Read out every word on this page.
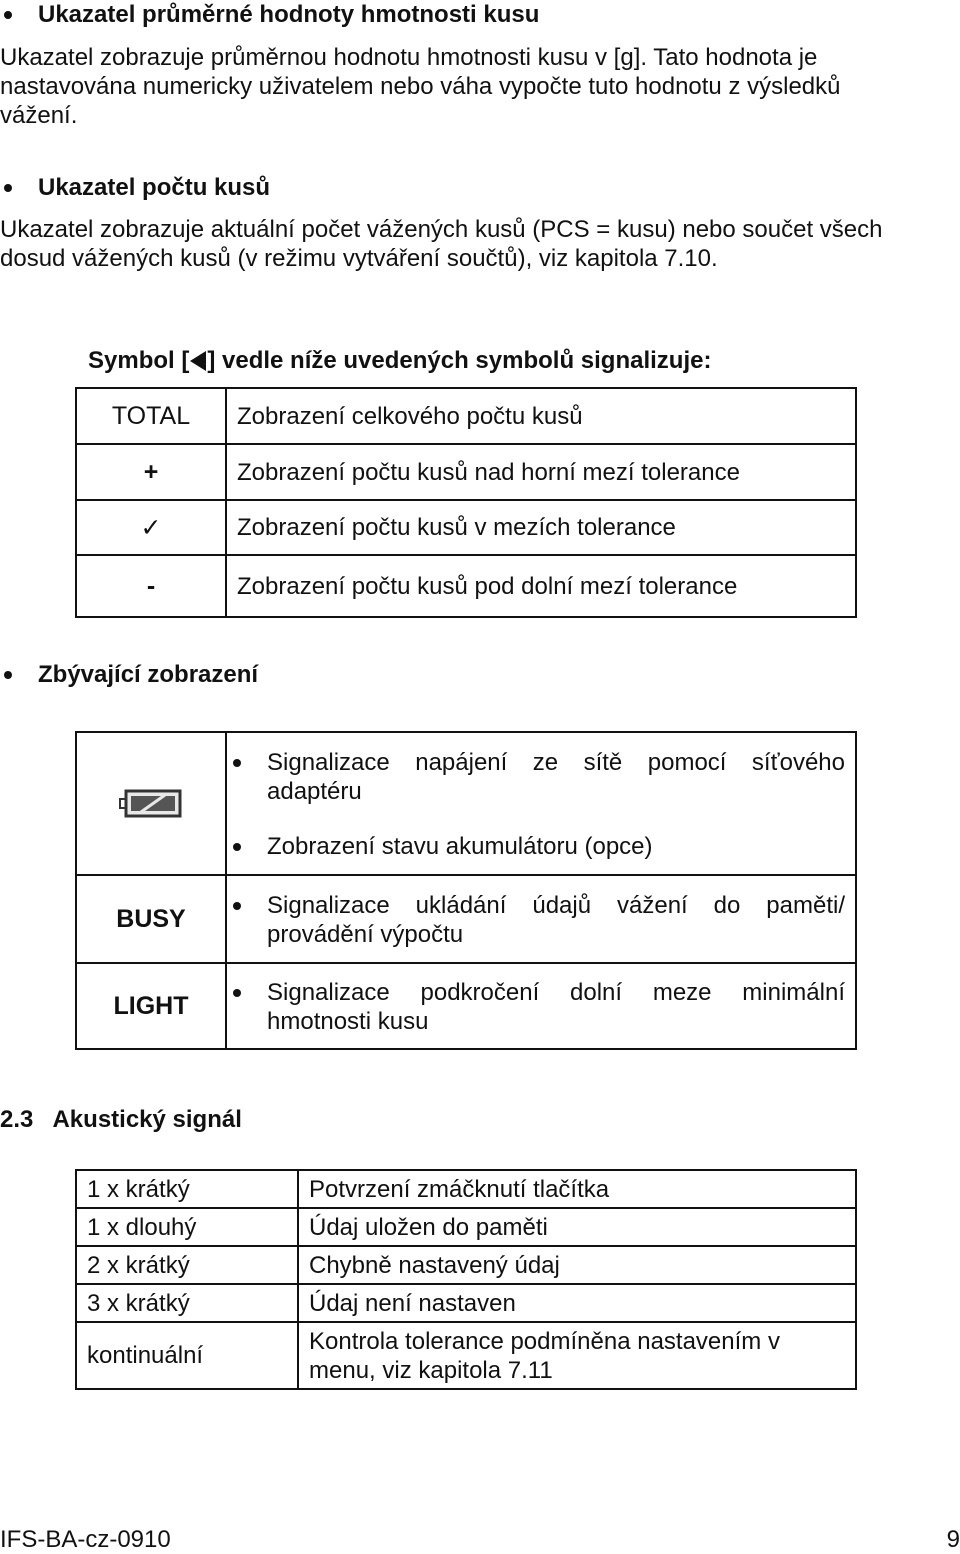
Ukazatel průměrné hodnoty hmotnosti kusu
Ukazatel zobrazuje průměrnou hodnotu hmotnosti kusu v [g]. Tato hodnota je
nastavována numericky uživatelem nebo váha vypočte tuto hodnotu z výsledků
vážení.
Ukazatel počtu kusů
Ukazatel zobrazuje aktuální počet vážených kusů (PCS = kusu) nebo součet všech
dosud vážených kusů (v režimu vytváření součtů), viz kapitola 7.10.
Symbol [ ] vedle níže uvedených symbolů signalizuje:
TOTAL	Zobrazení celkového počtu kusů
+	Zobrazení počtu kusů nad horní mezí tolerance
✓	Zobrazení počtu kusů v mezích tolerance
-	Zobrazení počtu kusů pod dolní mezí tolerance
Zbývající zobrazení

Signalizace napájení ze sítě pomocí síťového adaptéru
Zobrazení stavu akumulátoru (opce)

BUSY	Signalizace ukládání údajů vážení do paměti/ provádění výpočtu

LIGHT	Signalizace podkročení dolní meze minimální hmotnosti kusu
2.3   Akustický signál
1 x krátký	Potvrzení zmáčknutí tlačítka
1 x dlouhý	Údaj uložen do paměti
2 x krátký	Chybně nastavený údaj
3 x krátký	Údaj není nastaven
kontinuální	Kontrola tolerance podmíněna nastavením v menu, viz kapitola 7.11
IFS-BA-cz-0910	9
